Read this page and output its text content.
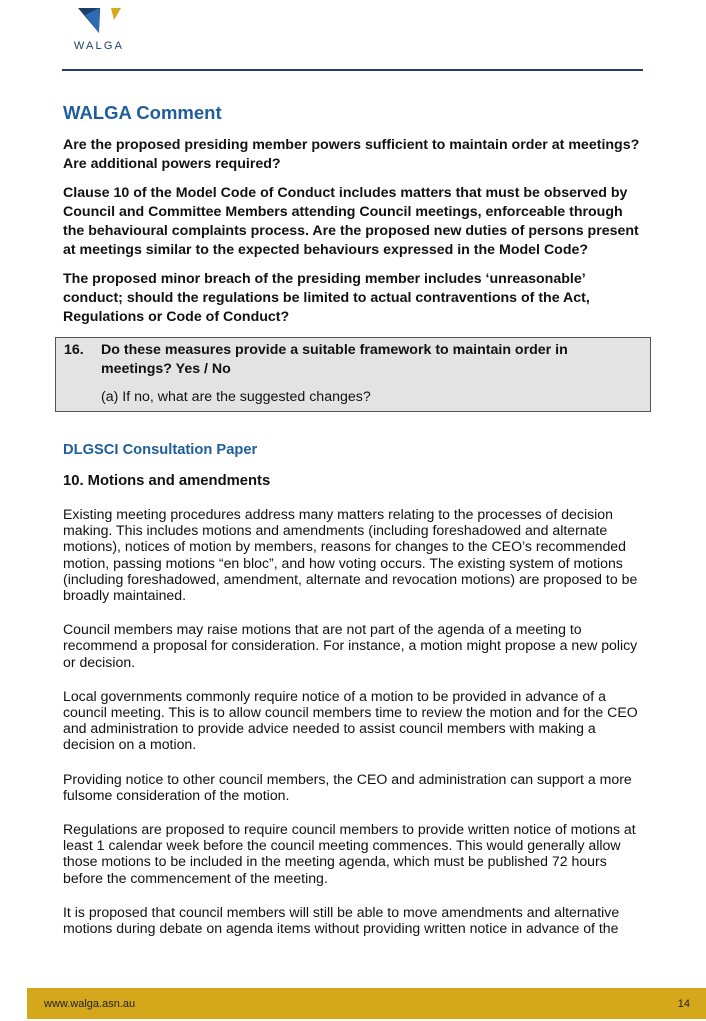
WALGA
WALGA Comment

Are the proposed presiding member powers sufficient to maintain order at meetings? Are additional powers required?

Clause 10 of the Model Code of Conduct includes matters that must be observed by Council and Committee Members attending Council meetings, enforceable through the behavioural complaints process. Are the proposed new duties of persons present at meetings similar to the expected behaviours expressed in the Model Code?

The proposed minor breach of the presiding member includes ‘unreasonable’ conduct; should the regulations be limited to actual contraventions of the Act, Regulations or Code of Conduct?

16.	Do these measures provide a suitable framework to maintain order in meetings? Yes / No
(a) If no, what are the suggested changes?
DLGSCI Consultation Paper
10. Motions and amendments

Existing meeting procedures address many matters relating to the processes of decision making. This includes motions and amendments (including foreshadowed and alternate motions), notices of motion by members, reasons for changes to the CEO’s recommended motion, passing motions “en bloc”, and how voting occurs. The existing system of motions (including foreshadowed, amendment, alternate and revocation motions) are proposed to be broadly maintained.

Council members may raise motions that are not part of the agenda of a meeting to recommend a proposal for consideration. For instance, a motion might propose a new policy or decision.

Local governments commonly require notice of a motion to be provided in advance of a council meeting. This is to allow council members time to review the motion and for the CEO and administration to provide advice needed to assist council members with making a decision on a motion.

Providing notice to other council members, the CEO and administration can support a more fulsome consideration of the motion.

Regulations are proposed to require council members to provide written notice of motions at least 1 calendar week before the council meeting commences. This would generally allow those motions to be included in the meeting agenda, which must be published 72 hours before the commencement of the meeting.

It is proposed that council members will still be able to move amendments and alternative motions during debate on agenda items without providing written notice in advance of the

www.walga.asn.au	14
